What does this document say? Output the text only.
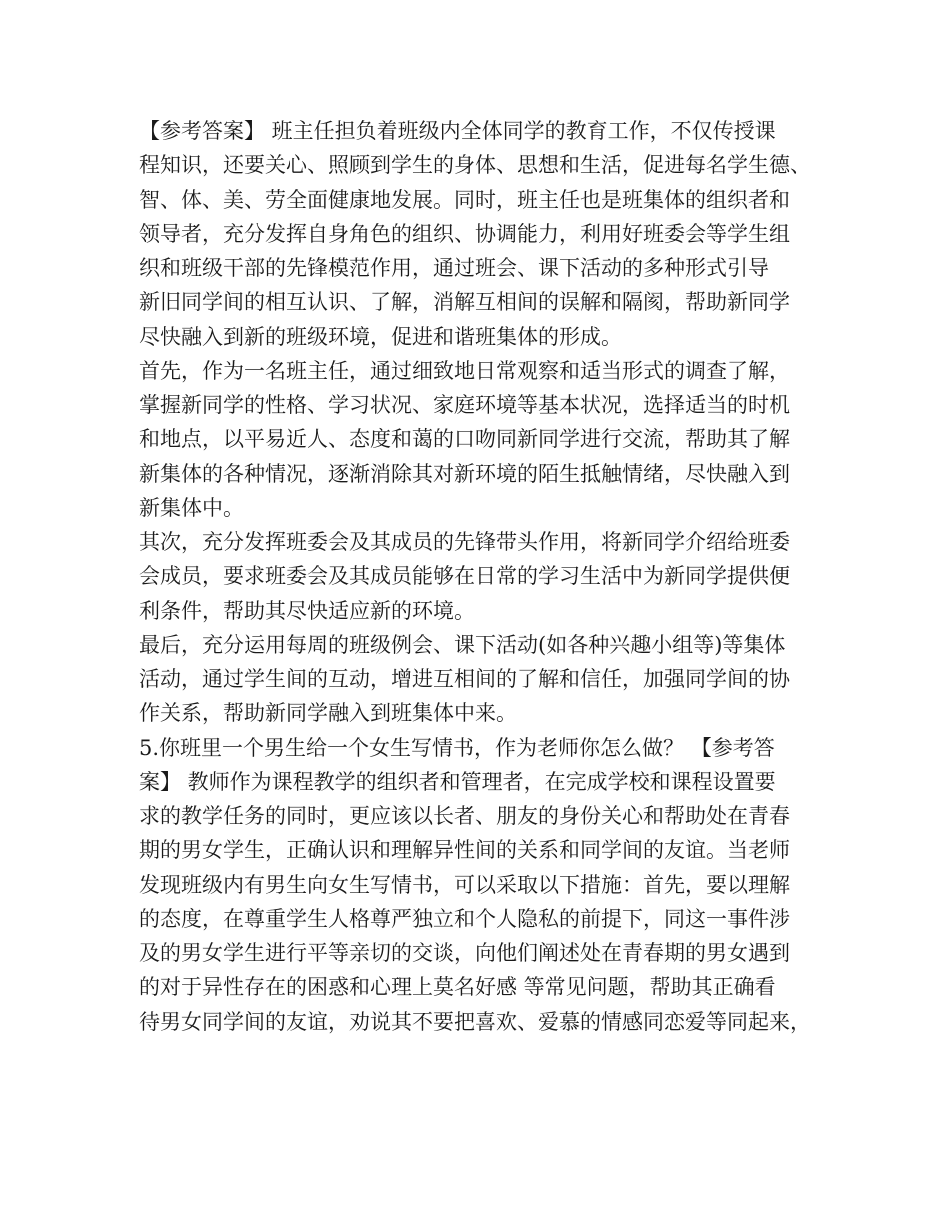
【参考答案】 班主任担负着班级内全体同学的教育工作，不仅传授课
程知识，还要关心、照顾到学生的身体、思想和生活，促进每名学生德、
智、体、美、劳全面健康地发展。同时，班主任也是班集体的组织者和
领导者，充分发挥自身角色的组织、协调能力，利用好班委会等学生组
织和班级干部的先锋模范作用，通过班会、课下活动的多种形式引导
新旧同学间的相互认识、了解，消解互相间的误解和隔阂，帮助新同学
尽快融入到新的班级环境，促进和谐班集体的形成。
首先，作为一名班主任，通过细致地日常观察和适当形式的调查了解，
掌握新同学的性格、学习状况、家庭环境等基本状况，选择适当的时机
和地点，以平易近人、态度和蔼的口吻同新同学进行交流，帮助其了解
新集体的各种情况，逐渐消除其对新环境的陌生抵触情绪，尽快融入到
新集体中。
其次，充分发挥班委会及其成员的先锋带头作用，将新同学介绍给班委
会成员，要求班委会及其成员能够在日常的学习生活中为新同学提供便
利条件，帮助其尽快适应新的环境。
最后，充分运用每周的班级例会、课下活动(如各种兴趣小组等)等集体
活动，通过学生间的互动，增进互相间的了解和信任，加强同学间的协
作关系，帮助新同学融入到班集体中来。
5.你班里一个男生给一个女生写情书，作为老师你怎么做？ 【参考答
案】 教师作为课程教学的组织者和管理者，在完成学校和课程设置要
求的教学任务的同时，更应该以长者、朋友的身份关心和帮助处在青春
期的男女学生，正确认识和理解异性间的关系和同学间的友谊。当老师
发现班级内有男生向女生写情书，可以采取以下措施：首先，要以理解
的态度，在尊重学生人格尊严独立和个人隐私的前提下，同这一事件涉
及的男女学生进行平等亲切的交谈，向他们阐述处在青春期的男女遇到
的对于异性存在的困惑和心理上莫名好感 等常见问题，帮助其正确看
待男女同学间的友谊，劝说其不要把喜欢、爱慕的情感同恋爱等同起来，
